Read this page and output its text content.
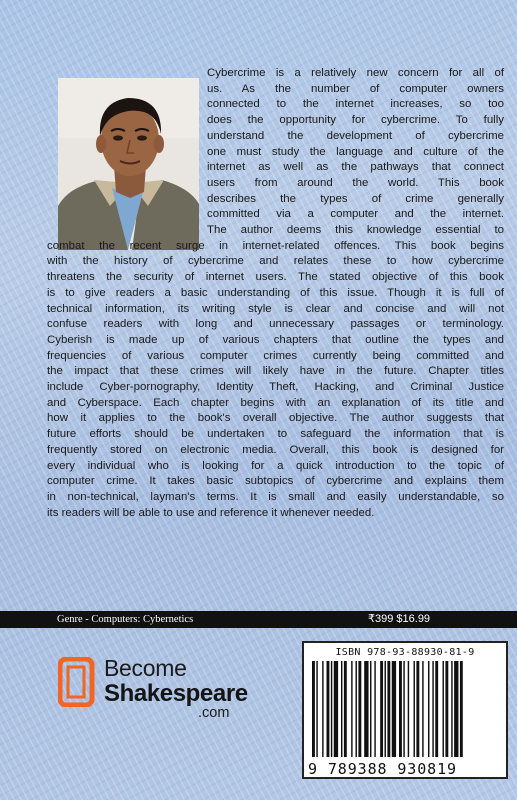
Cybercrime is a relatively new concern for all of
us. As the number of computer owners
connected to the internet increases, so too
does the opportunity for cybercrime. To fully
understand the development of cybercrime
one must study the language and culture of the
internet as well as the pathways that connect
users from around the world. This book
describes the types of crime generally
committed via a computer and the internet.
The author deems this knowledge essential to
combat the recent surge in internet-related offences. This book begins
with the history of cybercrime and relates these to how cybercrime
threatens the security of internet users. The stated objective of this book
is to give readers a basic understanding of this issue. Though it is full of
technical information, its writing style is clear and concise and will not
confuse readers with long and unnecessary passages or terminology.
Cyberish is made up of various chapters that outline the types and
frequencies of various computer crimes currently being committed and
the impact that these crimes will likely have in the future. Chapter titles
include Cyber-pornography, Identity Theft, Hacking, and Criminal Justice
and Cyberspace. Each chapter begins with an explanation of its title and
how it applies to the book's overall objective. The author suggests that
future efforts should be undertaken to safeguard the information that is
frequently stored on electronic media. Overall, this book is designed for
every individual who is looking for a quick introduction to the topic of
computer crime. It takes basic subtopics of cybercrime and explains them
in non-technical, layman's terms. It is small and easily understandable, so
its readers will be able to use and reference it whenever needed.
Genre - Computers: Cybernetics	₹399 $16.99
Become
Shakespeare
.com
ISBN 978-93-88930-81-9
9 789388 930819
